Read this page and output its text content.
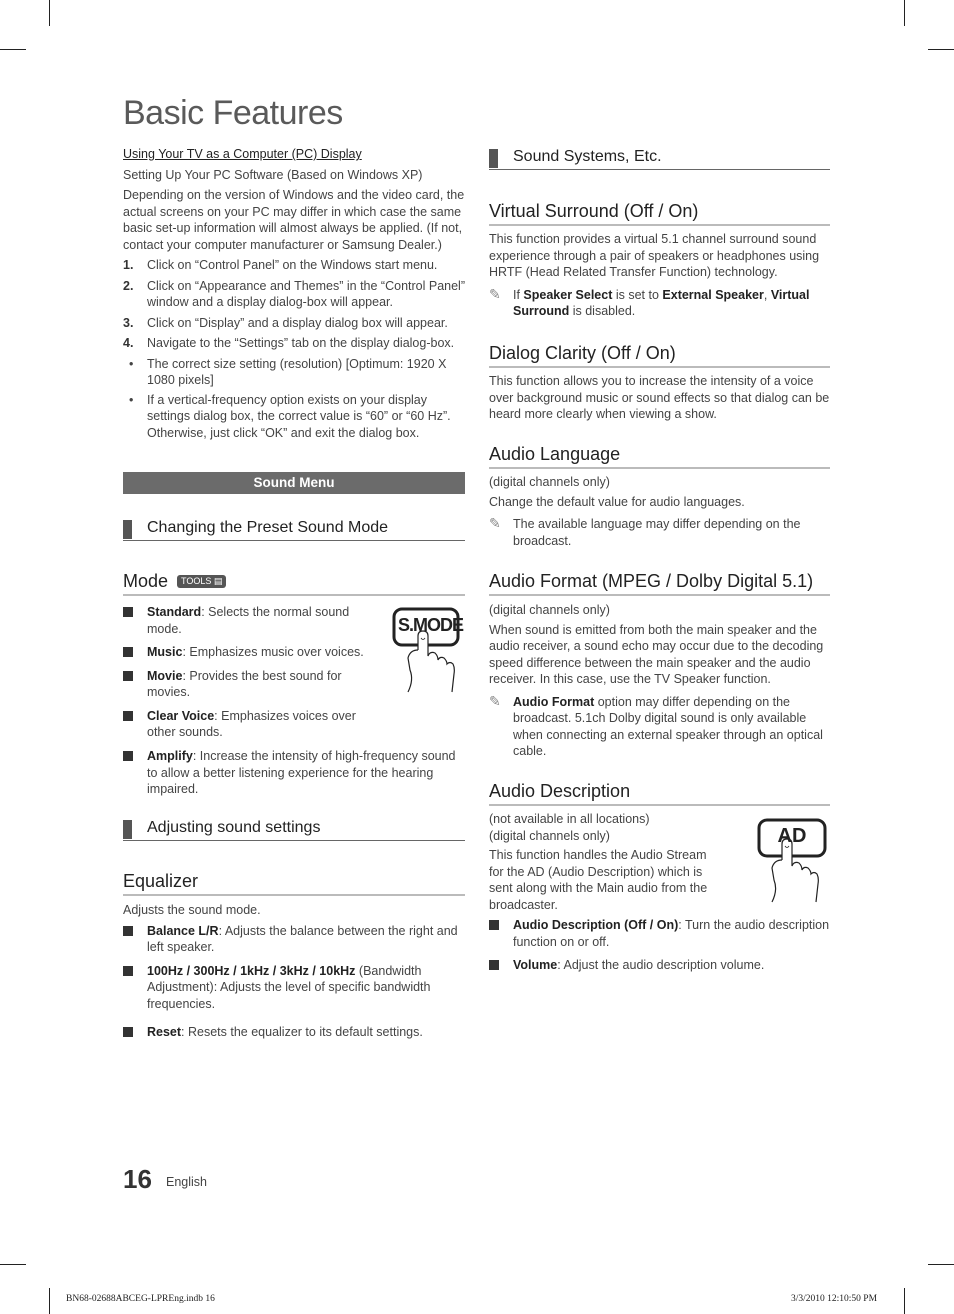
Basic Features
Using Your TV as a Computer (PC) Display
Setting Up Your PC Software (Based on Windows XP)
Depending on the version of Windows and the video card, the actual screens on your PC may differ in which case the same basic set-up information will almost always be applied. (If not, contact your computer manufacturer or Samsung Dealer.)
1. Click on “Control Panel” on the Windows start menu.
2. Click on “Appearance and Themes” in the “Control Panel” window and a display dialog-box will appear.
3. Click on “Display” and a display dialog box will appear.
4. Navigate to the “Settings” tab on the display dialog-box.
• The correct size setting (resolution) [Optimum: 1920 X 1080 pixels]
• If a vertical-frequency option exists on your display settings dialog box, the correct value is “60” or “60 Hz”. Otherwise, just click “OK” and exit the dialog box.
Sound Menu
Changing the Preset Sound Mode
Mode TOOLS ▤
Standard: Selects the normal sound mode.
Music: Emphasizes music over voices.
Movie: Provides the best sound for movies.
Clear Voice: Emphasizes voices over other sounds.
Amplify: Increase the intensity of high-frequency sound to allow a better listening experience for the hearing impaired.
S.MODE
Adjusting sound settings
Equalizer
Adjusts the sound mode.
Balance L/R: Adjusts the balance between the right and left speaker.
100Hz / 300Hz / 1kHz / 3kHz / 10kHz (Bandwidth Adjustment): Adjusts the level of specific bandwidth frequencies.
Reset: Resets the equalizer to its default settings.
Sound Systems, Etc.
Virtual Surround (Off / On)
This function provides a virtual 5.1 channel surround sound experience through a pair of speakers or headphones using HRTF (Head Related Transfer Function) technology.
✎ If Speaker Select is set to External Speaker, Virtual Surround is disabled.
Dialog Clarity (Off / On)
This function allows you to increase the intensity of a voice over background music or sound effects so that dialog can be heard more clearly when viewing a show.
Audio Language
(digital channels only)
Change the default value for audio languages.
✎ The available language may differ depending on the broadcast.
Audio Format (MPEG / Dolby Digital 5.1)
(digital channels only)
When sound is emitted from both the main speaker and the audio receiver, a sound echo may occur due to the decoding speed difference between the main speaker and the audio receiver. In this case, use the TV Speaker function.
✎ Audio Format option may differ depending on the broadcast. 5.1ch Dolby digital sound is only available when connecting an external speaker through an optical cable.
Audio Description
(not available in all locations)
(digital channels only)
This function handles the Audio Stream for the AD (Audio Description) which is sent along with the Main audio from the broadcaster.
AD
Audio Description (Off / On): Turn the audio description function on or off.
Volume: Adjust the audio description volume.
16 English
BN68-02688ABCEG-LPREng.indb 16	3/3/2010 12:10:50 PM
